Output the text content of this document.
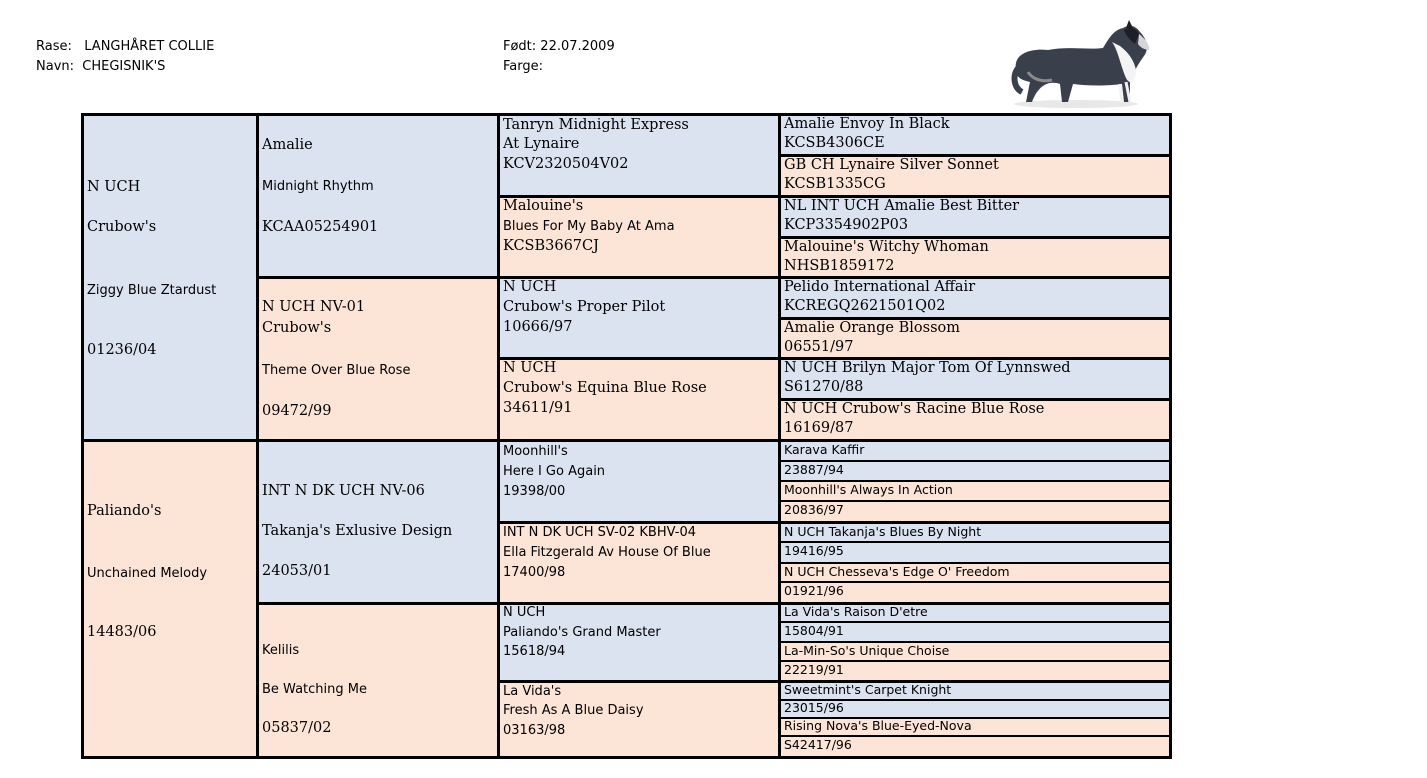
Rase:   LANGHÅRET COLLIE
Navn:  CHEGISNIK'S
Født: 22.07.2009
Farge:
N UCH
Crubow's
Ziggy Blue Ztardust
01236/04
Paliando's
Unchained Melody
14483/06
Amalie
Midnight Rhythm
KCAA05254901
N UCH NV-01
Crubow's
Theme Over Blue Rose
09472/99
INT N DK UCH NV-06
Takanja's Exlusive Design
24053/01
Kelilis
Be Watching Me
05837/02
Tanryn Midnight Express
At Lynaire
KCV2320504V02
Malouine's
Blues For My Baby At Ama
KCSB3667CJ
N UCH
Crubow's Proper Pilot
10666/97
N UCH
Crubow's Equina Blue Rose
34611/91
Moonhill's
Here I Go Again
19398/00
INT N DK UCH SV-02 KBHV-04
Ella Fitzgerald Av House Of Blue
17400/98
N UCH
Paliando's Grand Master
15618/94
La Vida's
Fresh As A Blue Daisy
03163/98
Amalie Envoy In Black
KCSB4306CE
GB CH Lynaire Silver Sonnet
KCSB1335CG
NL INT UCH Amalie Best Bitter
KCP3354902P03
Malouine's Witchy Whoman
NHSB1859172
Pelido International Affair
KCREGQ2621501Q02
Amalie Orange Blossom
06551/97
N UCH Brilyn Major Tom Of Lynnswed
S61270/88
N UCH Crubow's Racine Blue Rose
16169/87
Karava Kaffir
23887/94
Moonhill's Always In Action
20836/97
N UCH Takanja's Blues By Night
19416/95
N UCH Chesseva's Edge O' Freedom
01921/96
La Vida's Raison D'etre
15804/91
La-Min-So's Unique Choise
22219/91
Sweetmint's Carpet Knight
23015/96
Rising Nova's Blue-Eyed-Nova
S42417/96
